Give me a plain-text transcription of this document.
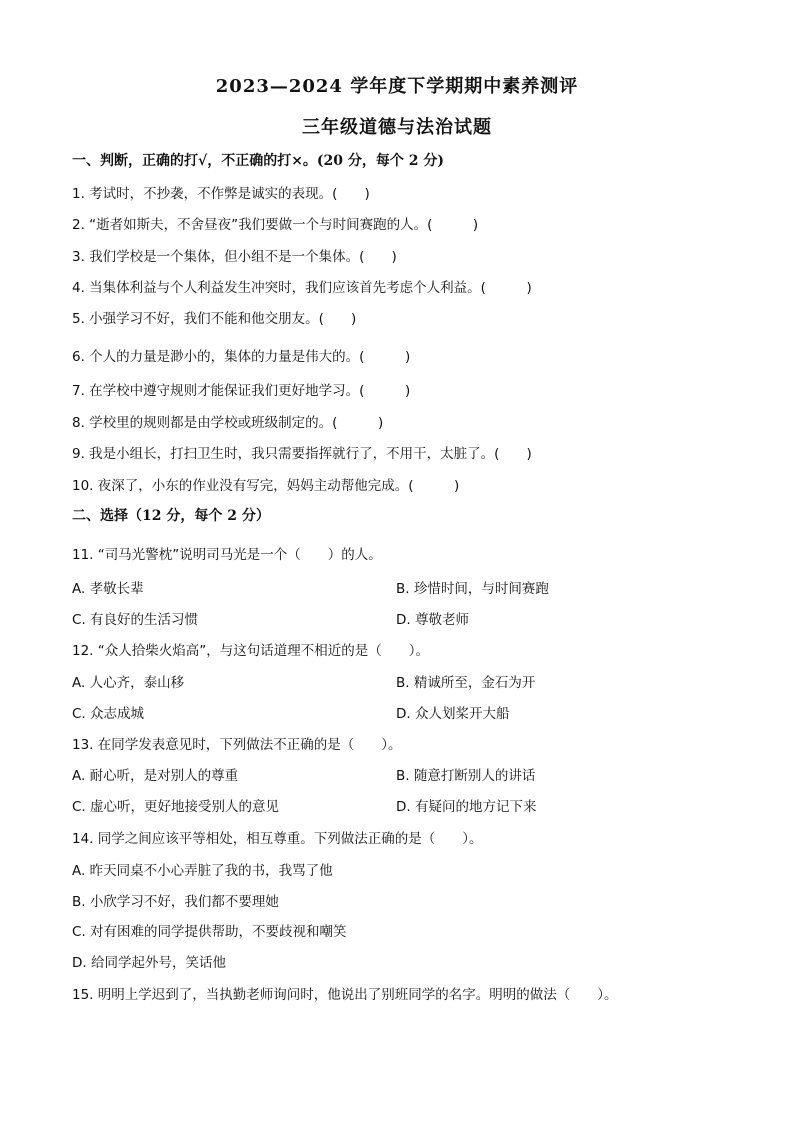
2023—2024 学年度下学期期中素养测评
三年级道德与法治试题
一、判断，正确的打√，不正确的打×。(20 分，每个 2 分)
1. 考试时，不抄袭，不作弊是诚实的表现。(　　)
2. “逝者如斯夫，不舍昼夜”我们要做一个与时间赛跑的人。(　　　)
3. 我们学校是一个集体，但小组不是一个集体。(　　)
4. 当集体利益与个人利益发生冲突时，我们应该首先考虑个人利益。(　　　)
5. 小强学习不好，我们不能和他交朋友。(　　)
6. 个人的力量是渺小的，集体的力量是伟大的。(　　　)
7. 在学校中遵守规则才能保证我们更好地学习。(　　　)
8. 学校里的规则都是由学校或班级制定的。(　　　)
9. 我是小组长，打扫卫生时，我只需要指挥就行了，不用干，太脏了。(　　)
10. 夜深了，小东的作业没有写完，妈妈主动帮他完成。(　　　)
二、选择（12 分，每个 2 分）
11. “司马光警枕”说明司马光是一个（　　）的人。
A. 孝敬长辈	B. 珍惜时间，与时间赛跑
C. 有良好的生活习惯	D. 尊敬老师
12. “众人拾柴火焰高”，与这句话道理不相近的是（　　）。
A. 人心齐，泰山移	B. 精诚所至，金石为开
C. 众志成城	D. 众人划桨开大船
13. 在同学发表意见时，下列做法不正确的是（　　）。
A. 耐心听，是对别人的尊重	B. 随意打断别人的讲话
C. 虚心听，更好地接受别人的意见	D. 有疑问的地方记下来
14. 同学之间应该平等相处，相互尊重。下列做法正确的是（　　）。
A. 昨天同桌不小心弄脏了我的书，我骂了他
B. 小欣学习不好，我们都不要理她
C. 对有困难的同学提供帮助，不要歧视和嘲笑
D. 给同学起外号，笑话他
15. 明明上学迟到了，当执勤老师询问时，他说出了别班同学的名字。明明的做法（　　）。
